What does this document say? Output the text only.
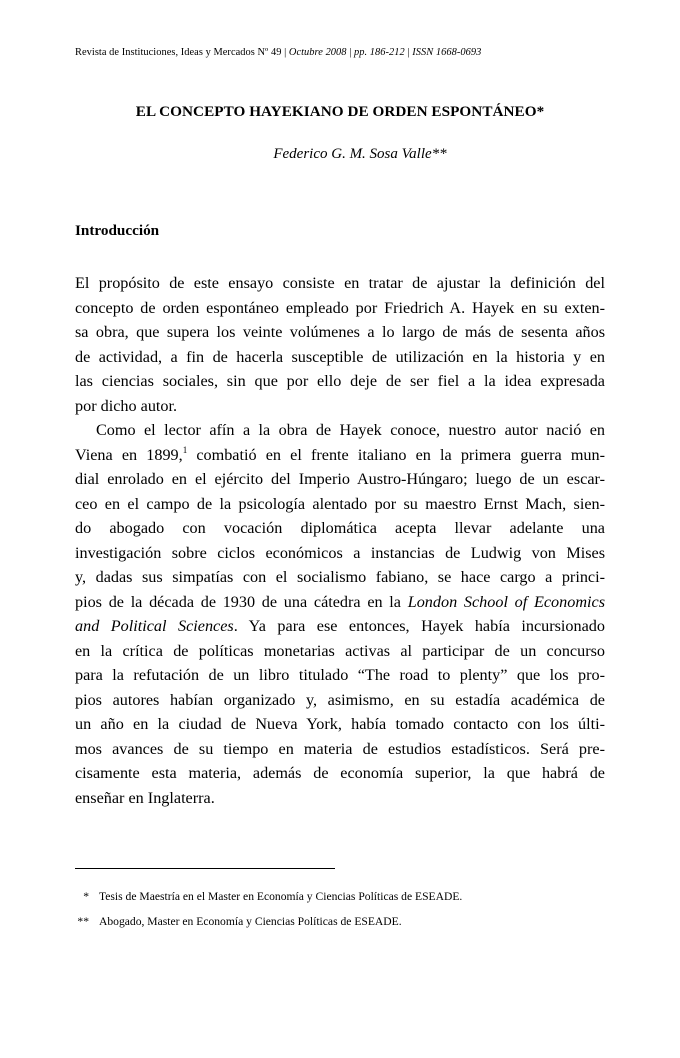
Revista de Instituciones, Ideas y Mercados Nº 49 | Octubre 2008 | pp. 186-212 | ISSN 1668-0693
EL CONCEPTO HAYEKIANO DE ORDEN ESPONTÁNEO*
Federico G. M. Sosa Valle**
Introducción
El propósito de este ensayo consiste en tratar de ajustar la definición del
concepto de orden espontáneo empleado por Friedrich A. Hayek en su exten-
sa obra, que supera los veinte volúmenes a lo largo de más de sesenta años
de actividad, a fin de hacerla susceptible de utilización en la historia y en
las ciencias sociales, sin que por ello deje de ser fiel a la idea expresada
por dicho autor.
Como el lector afín a la obra de Hayek conoce, nuestro autor nació en
Viena en 1899,$^1$ combatió en el frente italiano en la primera guerra mun-
dial enrolado en el ejército del Imperio Austro-Húngaro; luego de un escar-
ceo en el campo de la psicología alentado por su maestro Ernst Mach, sien-
do abogado con vocación diplomática acepta llevar adelante una
investigación sobre ciclos económicos a instancias de Ludwig von Mises
y, dadas sus simpatías con el socialismo fabiano, se hace cargo a princi-
pios de la década de 1930 de una cátedra en la London School of Economics
and Political Sciences. Ya para ese entonces, Hayek había incursionado
en la crítica de políticas monetarias activas al participar de un concurso
para la refutación de un libro titulado “The road to plenty” que los pro-
pios autores habían organizado y, asimismo, en su estadía académica de
un año en la ciudad de Nueva York, había tomado contacto con los últi-
mos avances de su tiempo en materia de estudios estadísticos. Será pre-
cisamente esta materia, además de economía superior, la que habrá de
enseñar en Inglaterra.
* Tesis de Maestría en el Master en Economía y Ciencias Políticas de ESEADE.
** Abogado, Master en Economía y Ciencias Políticas de ESEADE.
